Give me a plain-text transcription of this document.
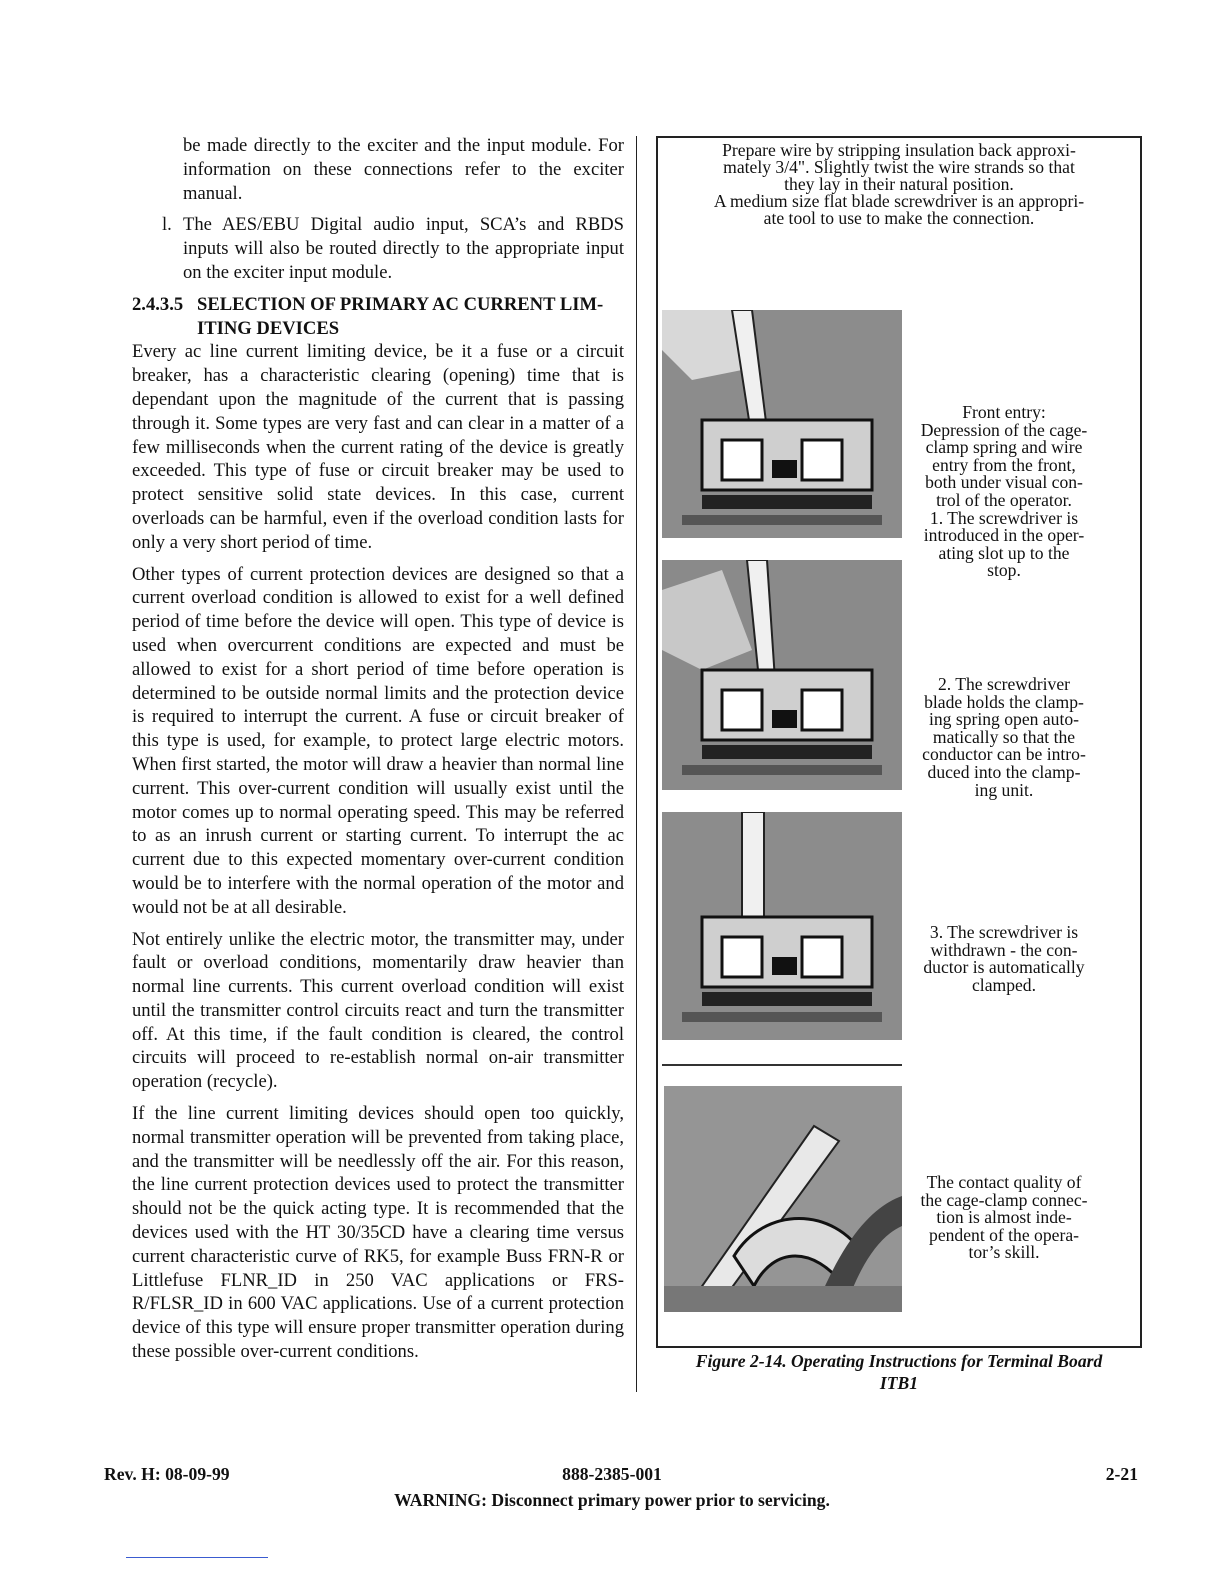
be made directly to the exciter and the input module. For information on these connections refer to the exciter manual.

l. The AES/EBU Digital audio input, SCA’s and RBDS inputs will also be routed directly to the appropriate input on the exciter input module.
2.4.3.5 SELECTION OF PRIMARY AC CURRENT LIM-
ITING DEVICES

Every ac line current limiting device, be it a fuse or a circuit breaker, has a characteristic clearing (opening) time that is dependant upon the magnitude of the current that is passing through it. Some types are very fast and can clear in a matter of a few milliseconds when the current rating of the device is greatly exceeded. This type of fuse or circuit breaker may be used to protect sensitive solid state devices. In this case, current overloads can be harmful, even if the overload condition lasts for only a very short period of time.

Other types of current protection devices are designed so that a current overload condition is allowed to exist for a well defined period of time before the device will open. This type of device is used when overcurrent conditions are expected and must be allowed to exist for a short period of time before operation is determined to be outside normal limits and the protection device is required to interrupt the current. A fuse or circuit breaker of this type is used, for example, to protect large electric motors. When first started, the motor will draw a heavier than normal line current. This over-current condition will usually exist until the motor comes up to normal operating speed. This may be referred to as an inrush current or starting current. To interrupt the ac current due to this expected momentary over-current condition would be to interfere with the normal operation of the motor and would not be at all desirable.

Not entirely unlike the electric motor, the transmitter may, under fault or overload conditions, momentarily draw heavier than normal line currents. This current overload condition will exist until the transmitter control circuits react and turn the transmitter off. At this time, if the fault condition is cleared, the control circuits will proceed to re-establish normal on-air transmitter operation (recycle).

If the line current limiting devices should open too quickly, normal transmitter operation will be prevented from taking place, and the transmitter will be needlessly off the air. For this reason, the line current protection devices used to protect the transmitter should not be the quick acting type. It is recommended that the devices used with the HT 30/35CD have a clearing time versus current characteristic curve of RK5, for example Buss FRN-R or Littlefuse FLNR_ID in 250 VAC applications or FRS-R/FLSR_ID in 600 VAC applications. Use of a current protection device of this type will ensure proper transmitter operation during these possible over-current conditions.

Prepare wire by stripping insulation back approxi-
mately 3/4". Slightly twist the wire strands so that
they lay in their natural position.
A medium size flat blade screwdriver is an appropri-
ate tool to use to make the connection.
Front entry:
Depression of the cage-
clamp spring and wire
entry from the front,
both under visual con-
trol of the operator.
1. The screwdriver is
introduced in the oper-
ating slot up to the
stop.
2. The screwdriver
blade holds the clamp-
ing spring open auto-
matically so that the
conductor can be intro-
duced into the clamp-
ing unit.
3. The screwdriver is
withdrawn - the con-
ductor is automatically
clamped.
The contact quality of
the cage-clamp connec-
tion is almost inde-
pendent of the opera-
tor’s skill.
Figure 2-14. Operating Instructions for Terminal Board
ITB1
Rev. H: 08-09-99	888-2385-001	2-21
WARNING: Disconnect primary power prior to servicing.
